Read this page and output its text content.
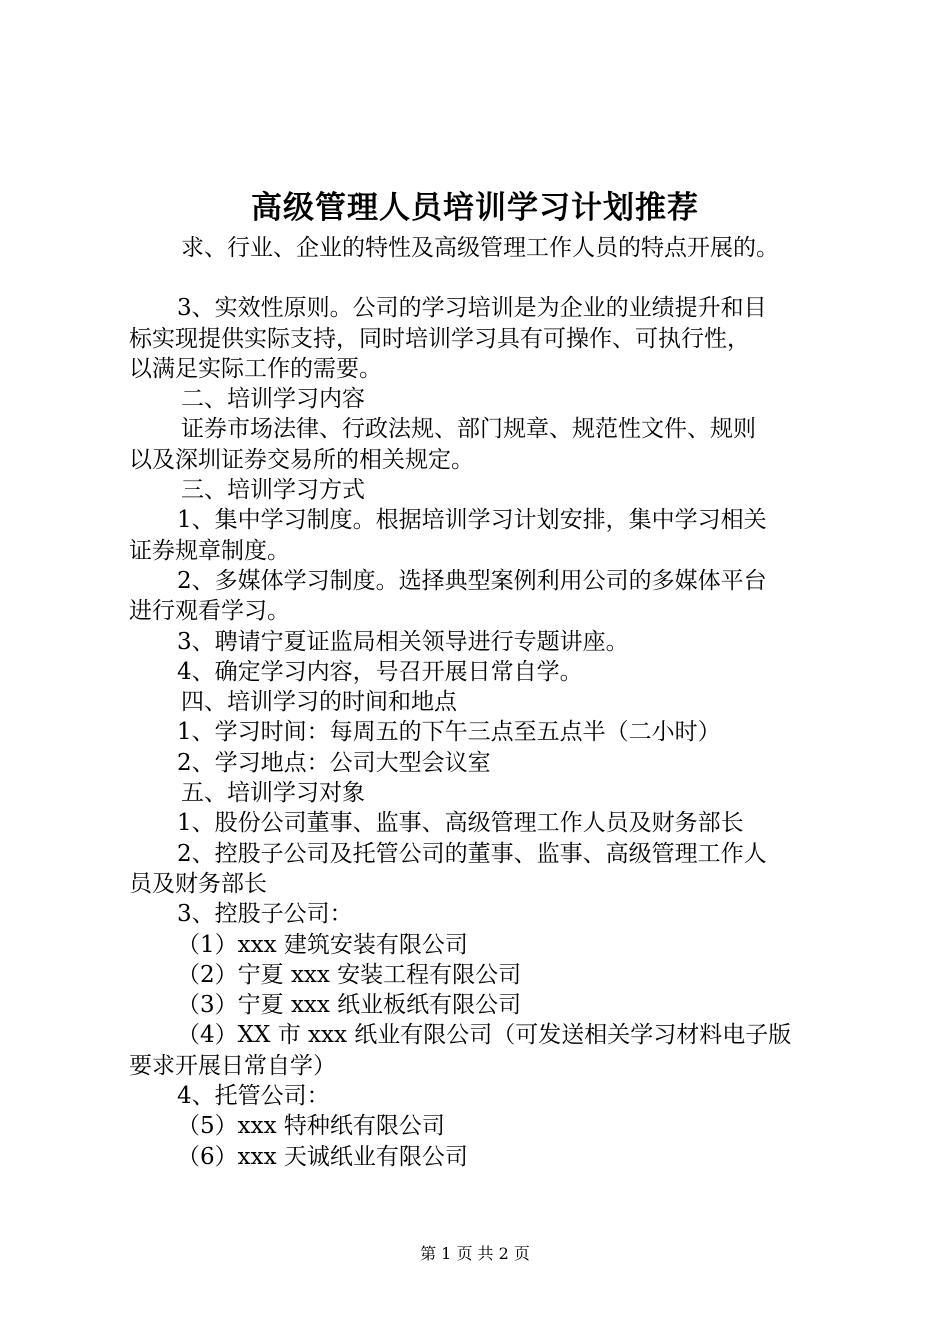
高级管理人员培训学习计划推荐
求、行业、企业的特性及高级管理工作人员的特点开展的。
3、实效性原则。公司的学习培训是为企业的业绩提升和目
标实现提供实际支持，同时培训学习具有可操作、可执行性，
以满足实际工作的需要。
二、培训学习内容
证券市场法律、行政法规、部门规章、规范性文件、规则
以及深圳证券交易所的相关规定。
三、培训学习方式
1、集中学习制度。根据培训学习计划安排，集中学习相关
证券规章制度。
2、多媒体学习制度。选择典型案例利用公司的多媒体平台
进行观看学习。
3、聘请宁夏证监局相关领导进行专题讲座。
4、确定学习内容，号召开展日常自学。
四、培训学习的时间和地点
1、学习时间：每周五的下午三点至五点半（二小时）
2、学习地点：公司大型会议室
五、培训学习对象
1、股份公司董事、监事、高级管理工作人员及财务部长
2、控股子公司及托管公司的董事、监事、高级管理工作人
员及财务部长
3、控股子公司：
（1）xxx 建筑安装有限公司
（2）宁夏 xxx 安装工程有限公司
（3）宁夏 xxx 纸业板纸有限公司
（4）XX 市 xxx 纸业有限公司（可发送相关学习材料电子版
要求开展日常自学）
4、托管公司：
（5）xxx 特种纸有限公司
（6）xxx 天诚纸业有限公司
第 1 页 共 2 页
